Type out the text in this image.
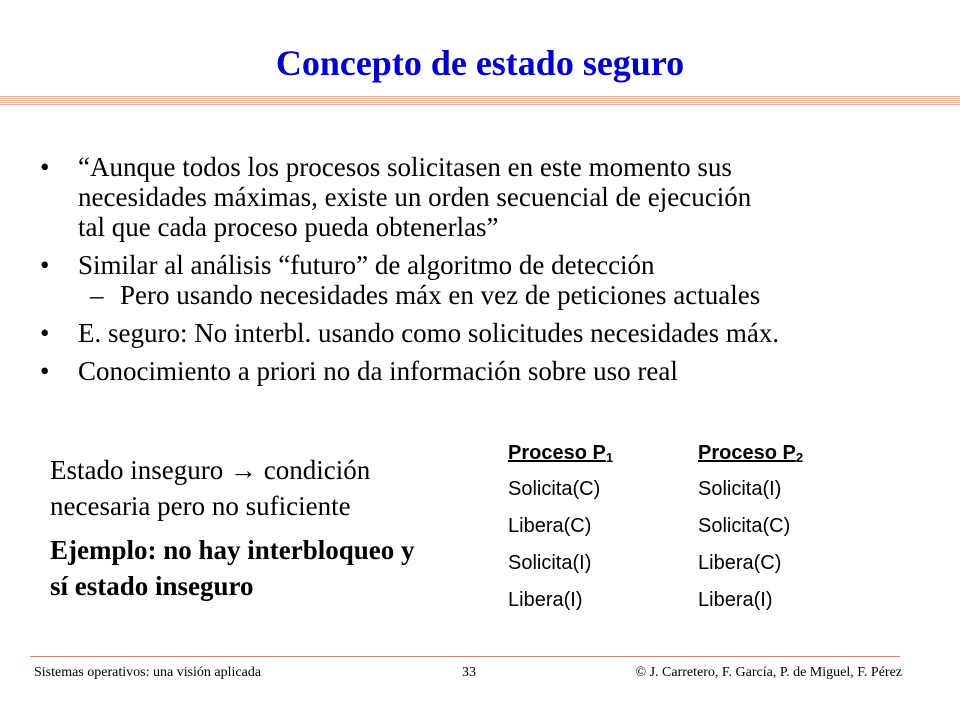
Concepto de estado seguro
• “Aunque todos los procesos solicitasen en este momento sus
necesidades máximas, existe un orden secuencial de ejecución
tal que cada proceso pueda obtenerlas”
• Similar al análisis “futuro” de algoritmo de detección
– Pero usando necesidades máx en vez de peticiones actuales
• E. seguro: No interbl. usando como solicitudes necesidades máx.
• Conocimiento a priori no da información sobre uso real
Estado inseguro → condición
necesaria pero no suficiente
Ejemplo: no hay interbloqueo y
sí estado inseguro
Proceso $P_1$
Solicita(C)
Libera(C)
Solicita(I)
Libera(I)
Proceso $P_2$
Solicita(I)
Solicita(C)
Libera(C)
Libera(I)
Sistemas operativos: una visión aplicada	33	© J. Carretero, F. García, P. de Miguel, F. Pérez
